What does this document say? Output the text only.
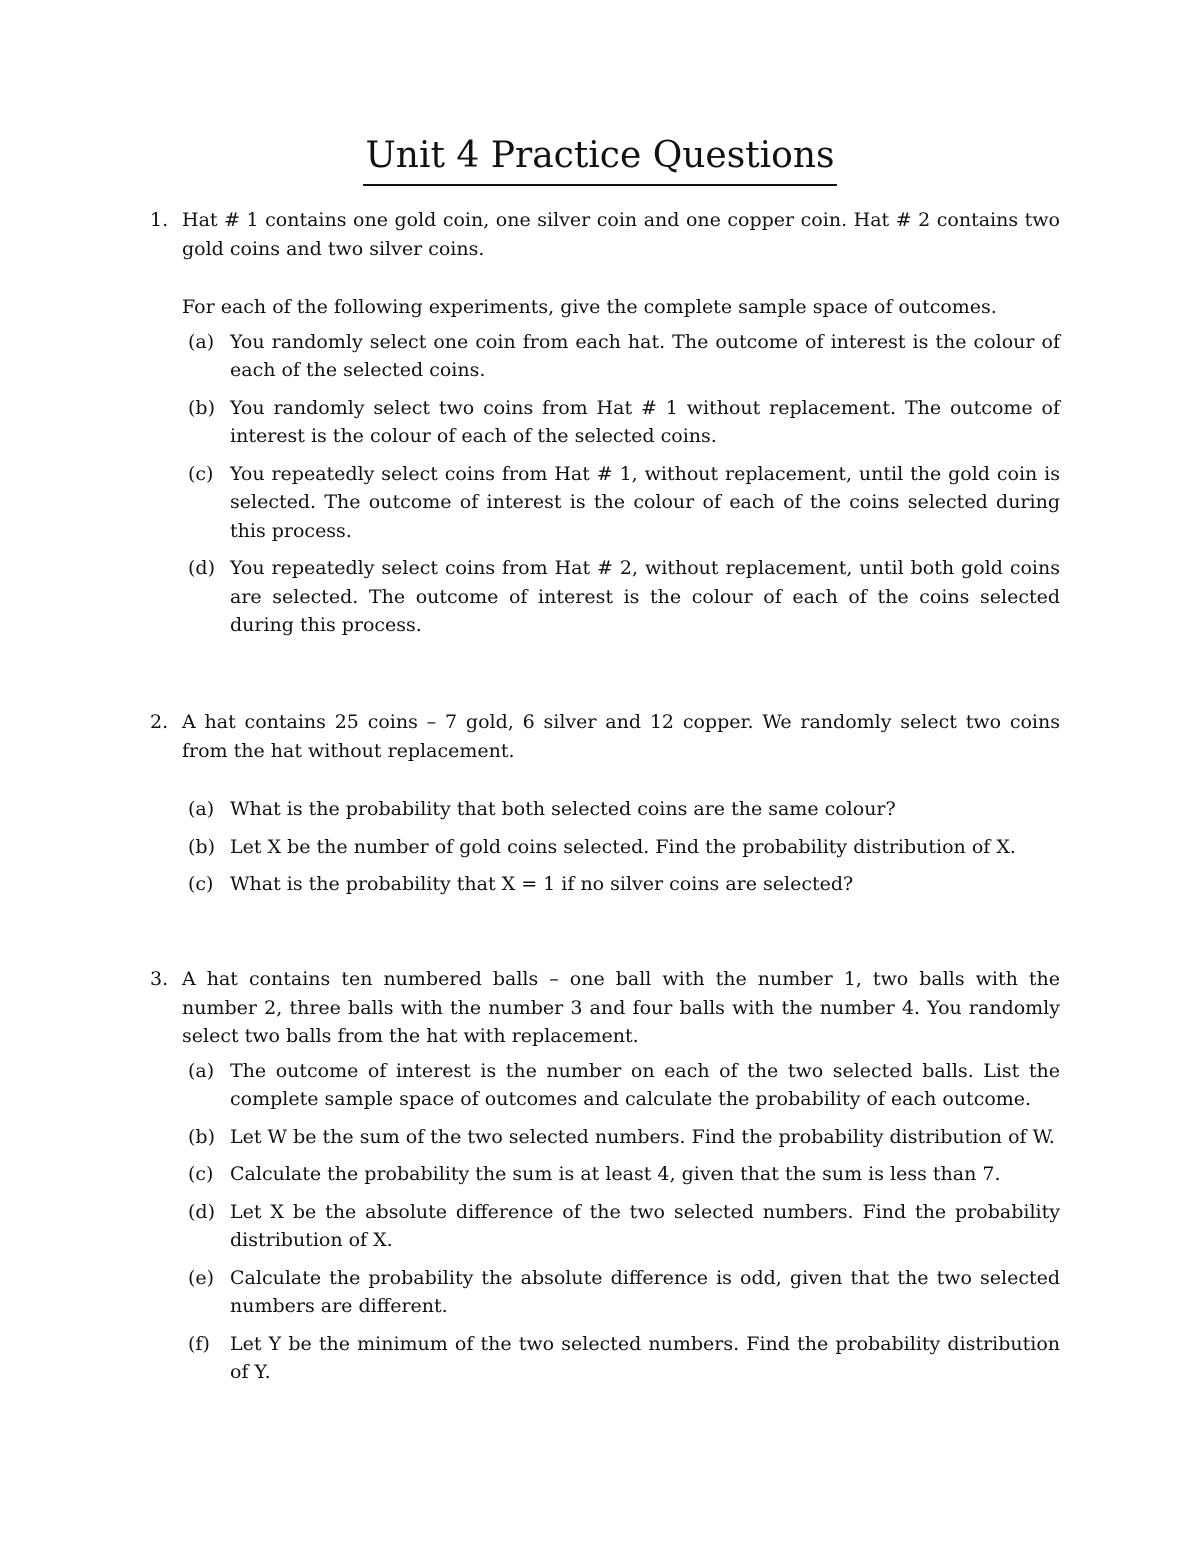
Unit 4 Practice Questions
1. Hat # 1 contains one gold coin, one silver coin and one copper coin. Hat # 2 contains two gold coins and two silver coins.
For each of the following experiments, give the complete sample space of outcomes.
(a) You randomly select one coin from each hat. The outcome of interest is the colour of each of the selected coins.
(b) You randomly select two coins from Hat # 1 without replacement. The outcome of interest is the colour of each of the selected coins.
(c) You repeatedly select coins from Hat # 1, without replacement, until the gold coin is selected. The outcome of interest is the colour of each of the coins selected during this process.
(d) You repeatedly select coins from Hat # 2, without replacement, until both gold coins are selected. The outcome of interest is the colour of each of the coins selected during this process.
2. A hat contains 25 coins – 7 gold, 6 silver and 12 copper. We randomly select two coins from the hat without replacement.
(a) What is the probability that both selected coins are the same colour?
(b) Let X be the number of gold coins selected. Find the probability distribution of X.
(c) What is the probability that X = 1 if no silver coins are selected?
3. A hat contains ten numbered balls – one ball with the number 1, two balls with the number 2, three balls with the number 3 and four balls with the number 4. You randomly select two balls from the hat with replacement.
(a) The outcome of interest is the number on each of the two selected balls. List the complete sample space of outcomes and calculate the probability of each outcome.
(b) Let W be the sum of the two selected numbers. Find the probability distribution of W.
(c) Calculate the probability the sum is at least 4, given that the sum is less than 7.
(d) Let X be the absolute difference of the two selected numbers. Find the probability distribution of X.
(e) Calculate the probability the absolute difference is odd, given that the two selected numbers are different.
(f) Let Y be the minimum of the two selected numbers. Find the probability distribution of Y.
